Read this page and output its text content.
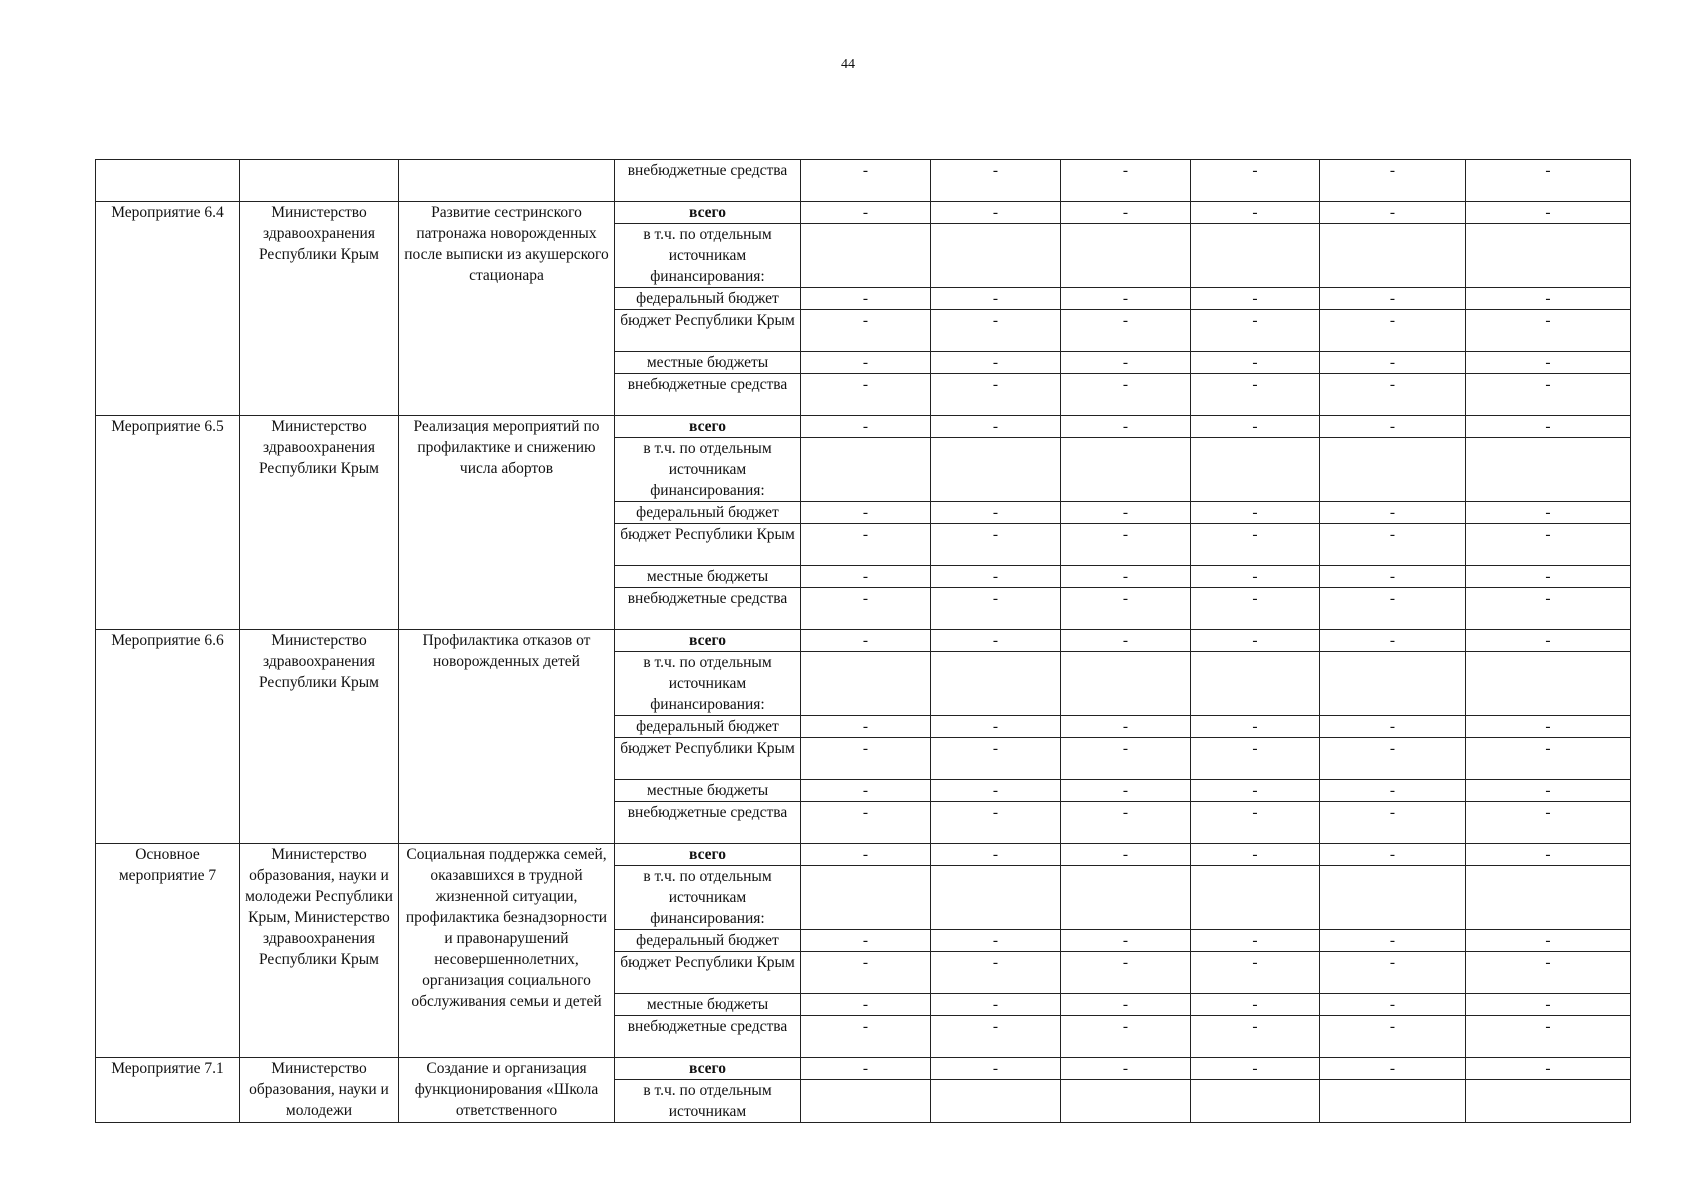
44
			внебюджетные средства	-	-	-	-	-	-
Мероприятие 6.4	Министерство здравоохранения Республики Крым	Развитие сестринского патронажа новорожденных после выписки из акушерского стационара	всего	-	-	-	-	-	-
			в т.ч. по отдельным источникам финансирования:						
			федеральный бюджет	-	-	-	-	-	-
			бюджет Республики Крым	-	-	-	-	-	-
			местные бюджеты	-	-	-	-	-	-
			внебюджетные средства	-	-	-	-	-	-
Мероприятие 6.5	Министерство здравоохранения Республики Крым	Реализация мероприятий по профилактике и снижению числа абортов	всего	-	-	-	-	-	-
			в т.ч. по отдельным источникам финансирования:						
			федеральный бюджет	-	-	-	-	-	-
			бюджет Республики Крым	-	-	-	-	-	-
			местные бюджеты	-	-	-	-	-	-
			внебюджетные средства	-	-	-	-	-	-
Мероприятие 6.6	Министерство здравоохранения Республики Крым	Профилактика отказов от новорожденных детей	всего	-	-	-	-	-	-
			в т.ч. по отдельным источникам финансирования:						
			федеральный бюджет	-	-	-	-	-	-
			бюджет Республики Крым	-	-	-	-	-	-
			местные бюджеты	-	-	-	-	-	-
			внебюджетные средства	-	-	-	-	-	-
Основное мероприятие 7	Министерство образования, науки и молодежи Республики Крым, Министерство здравоохранения Республики Крым	Социальная поддержка семей, оказавшихся в трудной жизненной ситуации, профилактика безнадзорности и правонарушений несовершеннолетних, организация социального обслуживания семьи и детей	всего	-	-	-	-	-	-
			в т.ч. по отдельным источникам финансирования:						
			федеральный бюджет	-	-	-	-	-	-
			бюджет Республики Крым	-	-	-	-	-	-
			местные бюджеты	-	-	-	-	-	-
			внебюджетные средства	-	-	-	-	-	-
Мероприятие 7.1	Министерство образования, науки и молодежи	Создание и организация функционирования «Школа ответственного	всего	-	-	-	-	-	-
			в т.ч. по отдельным источникам						
